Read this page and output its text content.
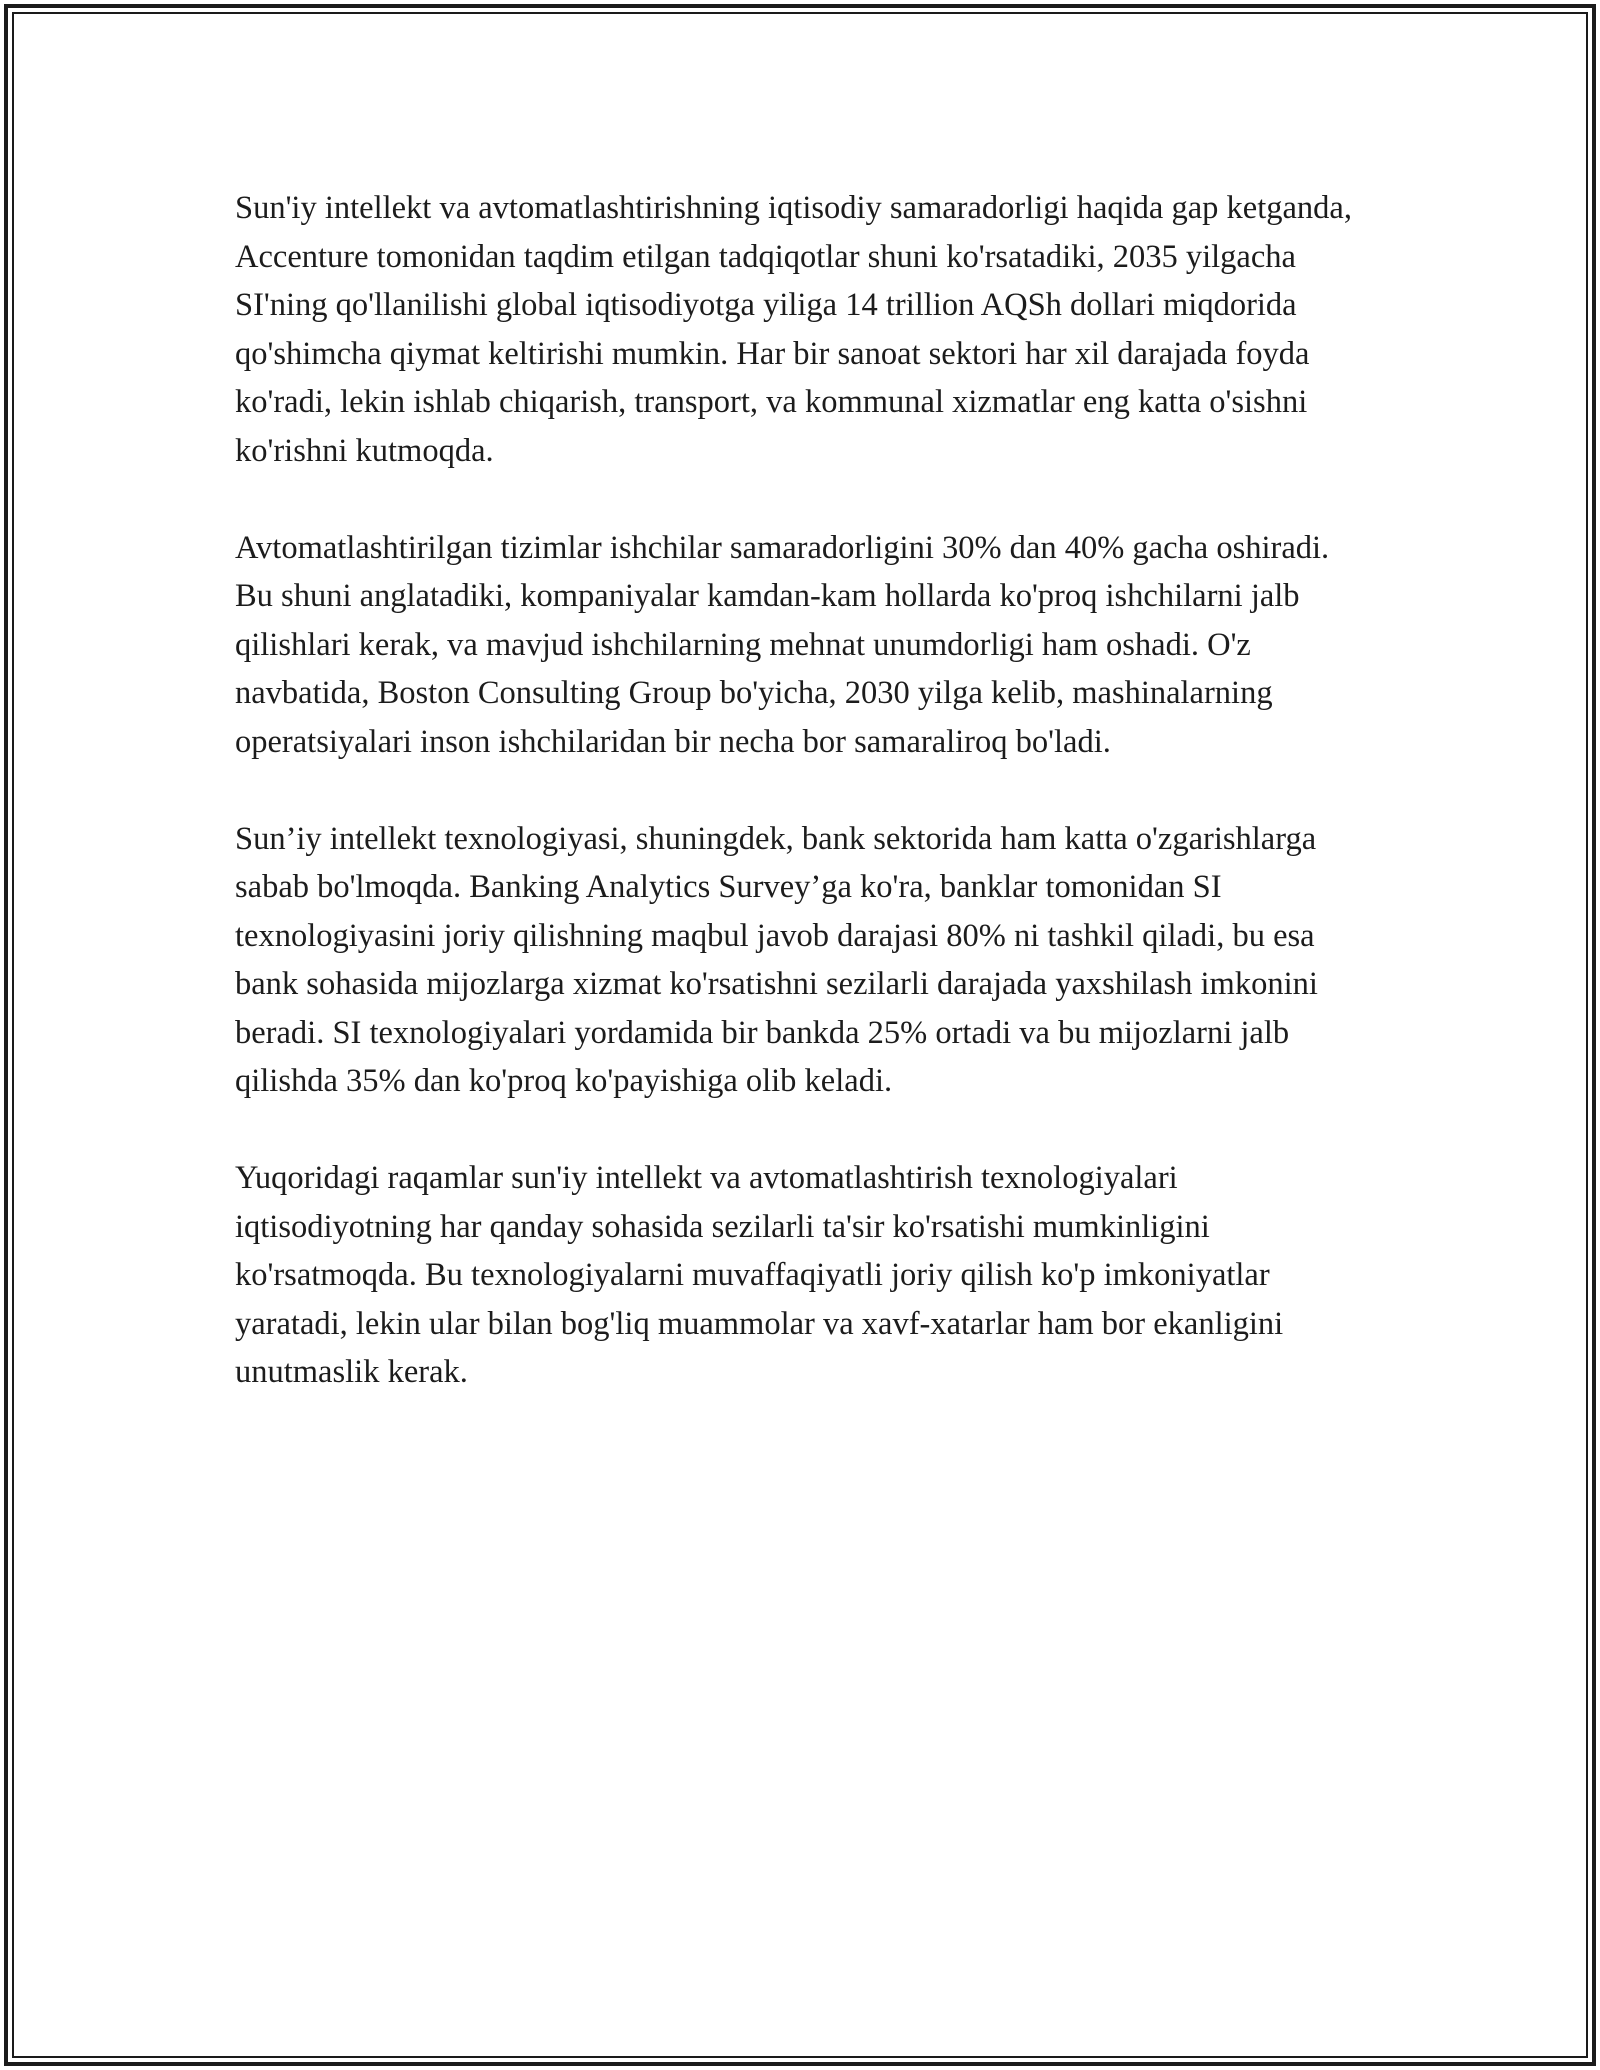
Sun'iy intellekt va avtomatlashtirishning iqtisodiy samaradorligi haqida gap ketganda, Accenture tomonidan taqdim etilgan tadqiqotlar shuni ko'rsatadiki, 2035 yilgacha SI'ning qo'llanilishi global iqtisodiyotga yiliga 14 trillion AQSh dollari miqdorida qo'shimcha qiymat keltirishi mumkin. Har bir sanoat sektori har xil darajada foyda ko'radi, lekin ishlab chiqarish, transport, va kommunal xizmatlar eng katta o'sishni ko'rishni kutmoqda.

Avtomatlashtirilgan tizimlar ishchilar samaradorligini 30% dan 40% gacha oshiradi. Bu shuni anglatadiki, kompaniyalar kamdan-kam hollarda ko'proq ishchilarni jalb qilishlari kerak, va mavjud ishchilarning mehnat unumdorligi ham oshadi. O'z navbatida, Boston Consulting Group bo'yicha, 2030 yilga kelib, mashinalarning operatsiyalari inson ishchilaridan bir necha bor samaraliroq bo'ladi.

Sun’iy intellekt texnologiyasi, shuningdek, bank sektorida ham katta o'zgarishlarga sabab bo'lmoqda. Banking Analytics Survey’ga ko'ra, banklar tomonidan SI texnologiyasini joriy qilishning maqbul javob darajasi 80% ni tashkil qiladi, bu esa bank sohasida mijozlarga xizmat ko'rsatishni sezilarli darajada yaxshilash imkonini beradi. SI texnologiyalari yordamida bir bankda 25% ortadi va bu mijozlarni jalb qilishda 35% dan ko'proq ko'payishiga olib keladi.

Yuqoridagi raqamlar sun'iy intellekt va avtomatlashtirish texnologiyalari iqtisodiyotning har qanday sohasida sezilarli ta'sir ko'rsatishi mumkinligini ko'rsatmoqda. Bu texnologiyalarni muvaffaqiyatli joriy qilish ko'p imkoniyatlar yaratadi, lekin ular bilan bog'liq muammolar va xavf-xatarlar ham bor ekanligini unutmaslik kerak.
